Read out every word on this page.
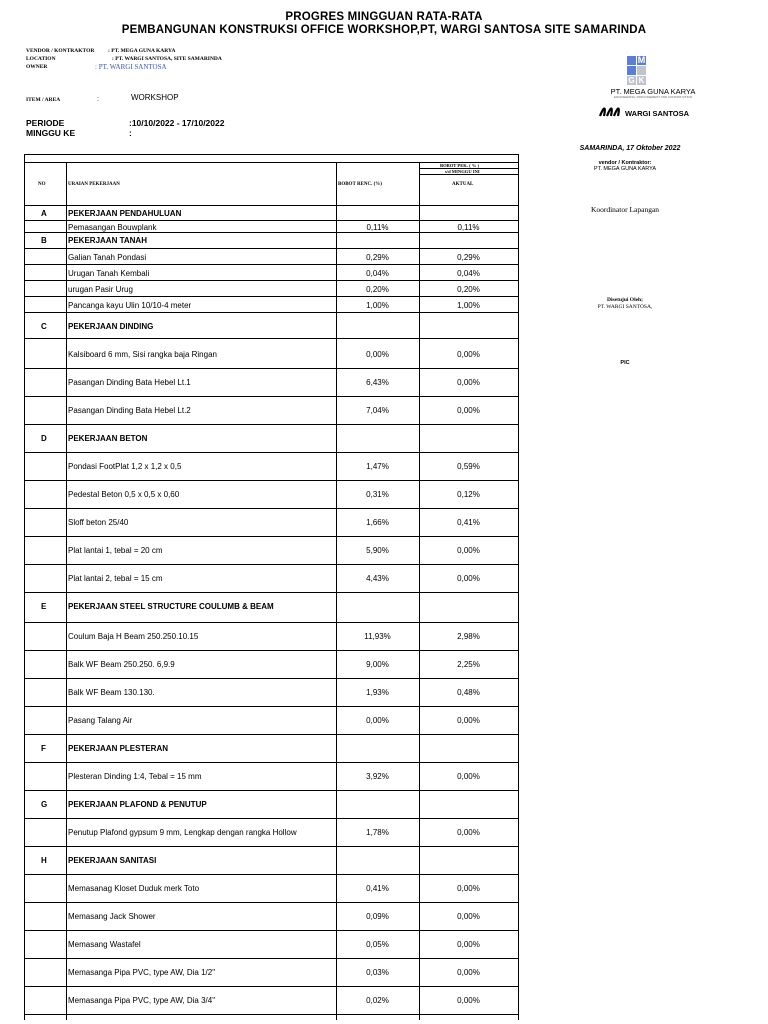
PROGRES MINGGUAN RATA-RATA
PEMBANGUNAN KONSTRUKSI OFFICE WORKSHOP,PT, WARGI SANTOSA SITE SAMARINDA
VENDOR / KONTRAKTOR : PT. MEGA GUNA KARYA
LOCATION	: PT. WARGI SANTOSA, SITE SAMARINDA
OWNER	: PT. WARGI SANTOSA
ITEM / AREA	:	WORKSHOP
PERIODE	:10/10/2022 - 17/10/2022
MINGGU KE	:
NO	URAIAN PEKERJAAN	BOBOT RENC. (%)
BOBOT PEK. ( % )
s/d MINGGU INI
AKTUAL
A	PEKERJAAN PENDAHULUAN
Pemasangan Bouwplank	0,11%	0,11%
B	PEKERJAAN TANAH
Galian Tanah Pondasi	0,29%	0,29%
Urugan Tanah Kembali	0,04%	0,04%
urugan Pasir Urug	0,20%	0,20%
Pancanga kayu Ulin 10/10-4 meter	1,00%	1,00%
C	PEKERJAAN DINDING
Kalsiboard 6 mm, Sisi rangka baja Ringan	0,00%	0,00%
Pasangan Dinding Bata Hebel Lt.1	6,43%	0,00%
Pasangan Dinding Bata Hebel Lt.2	7,04%	0,00%
D	PEKERJAAN BETON
Pondasi FootPlat 1,2 x 1,2 x 0,5	1,47%	0,59%
Pedestal Beton 0,5 x 0,5 x 0,60	0,31%	0,12%
Sloff beton 25/40	1,66%	0,41%
Plat lantai 1, tebal = 20 cm	5,90%	0,00%
Plat lantai 2, tebal = 15 cm	4,43%	0,00%
E	PEKERJAAN STEEL STRUCTURE COULUMB & BEAM
Coulum Baja H Beam 250.250.10.15	11,93%	2,98%
Balk WF Beam 250.250. 6,9.9	9,00%	2,25%
Balk WF Beam 130.130.	1,93%	0,48%
Pasang Talang Air	0,00%	0,00%
F	PEKERJAAN PLESTERAN
Plesteran Dinding 1:4, Tebal = 15 mm	3,92%	0,00%
G	PEKERJAAN PLAFOND & PENUTUP
Penutup Plafond gypsum 9 mm, Lengkap dengan rangka Hollow	1,78%	0,00%
H	PEKERJAAN SANITASI
Memasanag Kloset Duduk merk Toto	0,41%	0,00%
Memasang Jack Shower	0,09%	0,00%
Memasang Wastafel	0,05%	0,00%
Memasanga Pipa PVC, type AW, Dia 1/2"	0,03%	0,00%
Memasanga Pipa PVC, type AW, Dia 3/4"	0,02%	0,00%
M
G K
PT. MEGA GUNA KARYA
ENGINEERING, PROCUREMENT AND CONSTRUCTION
WARGI SANTOSA
SAMARINDA, 17 Oktober 2022
vendor / Kontraktor:
PT. MEGA GUNA KARYA
Koordinator Lapangan
Disetujui Oleh;
PT. WARGI SANTOSA,
PIC
